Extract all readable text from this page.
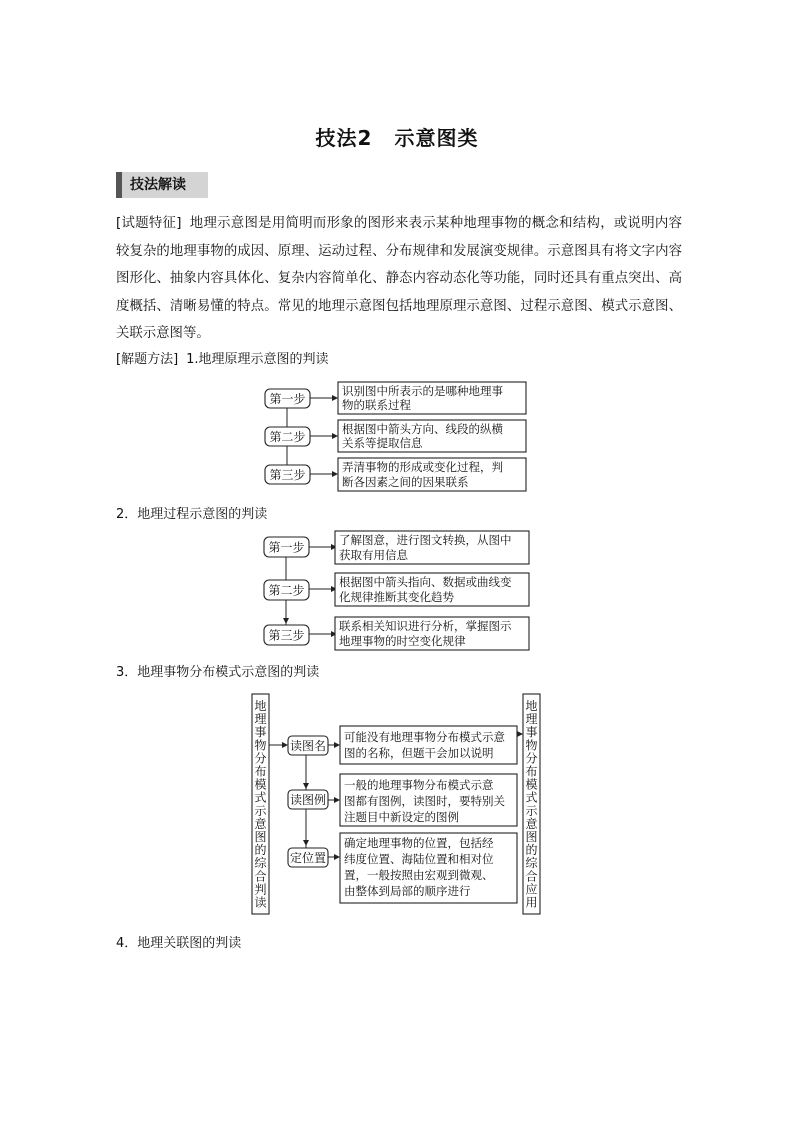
技法2 示意图类
技法解读

[试题特征] 地理示意图是用简明而形象的图形来表示某种地理事物的概念和结构，或说明内容较复杂的地理事物的成因、原理、运动过程、分布规律和发展演变规律。示意图具有将文字内容图形化、抽象内容具体化、复杂内容简单化、静态内容动态化等功能，同时还具有重点突出、高度概括、清晰易懂的特点。常见的地理示意图包括地理原理示意图、过程示意图、模式示意图、关联示意图等。

[解题方法] 1.地理原理示意图的判读
第一步
第二步
第三步
识别图中所表示的是哪种地理事
物的联系过程
根据图中箭头方向、线段的纵横
关系等提取信息
弄清事物的形成或变化过程，判
断各因素之间的因果联系
2．地理过程示意图的判读
第一步
第二步
第三步
了解图意，进行图文转换，从图中
获取有用信息
根据图中箭头指向、数据或曲线变
化规律推断其变化趋势
联系相关知识进行分析，掌握图示
地理事物的时空变化规律
3．地理事物分布模式示意图的判读
地理事物分布模式示意图的综合判读
地理事物分布模式示意图的综合应用
读图名
读图例
定位置
可能没有地理事物分布模式示意
图的名称，但题干会加以说明
一般的地理事物分布模式示意
图都有图例，读图时，要特别关
注题目中新设定的图例
确定地理事物的位置，包括经
纬度位置、海陆位置和相对位
置，一般按照由宏观到微观、
由整体到局部的顺序进行
4．地理关联图的判读
